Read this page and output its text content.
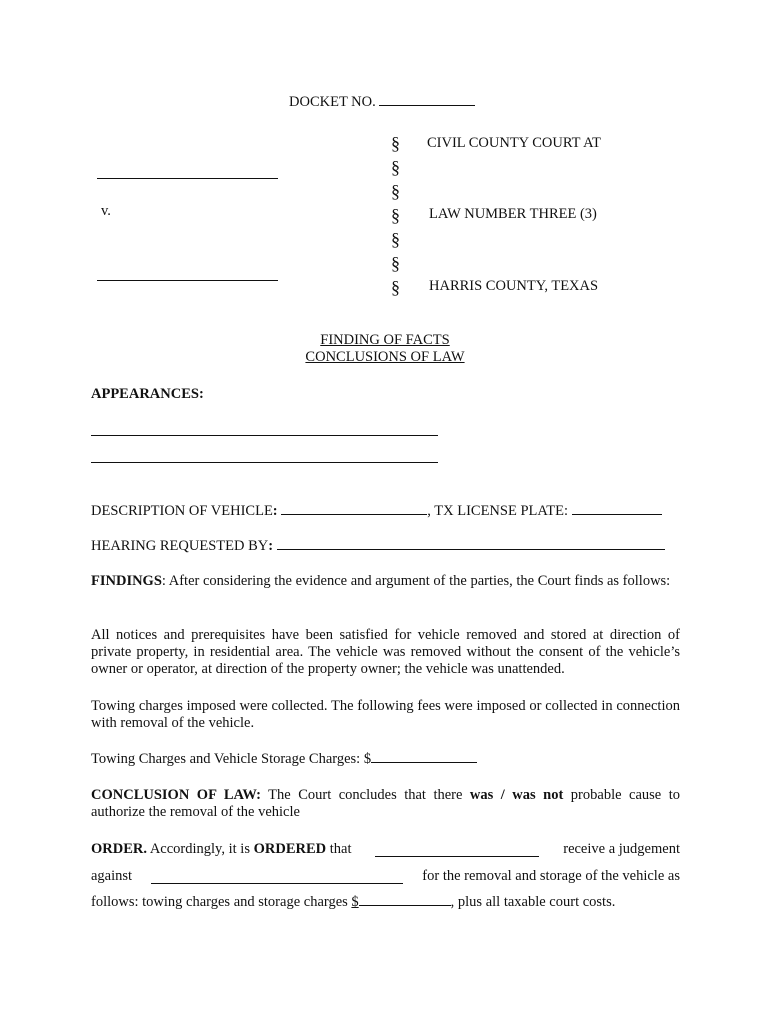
DOCKET NO.
v.
§
§
§
§
§
§
§
CIVIL COUNTY COURT AT
LAW NUMBER THREE (3)
HARRIS COUNTY, TEXAS
FINDING OF FACTS
CONCLUSIONS OF LAW
APPEARANCES:
DESCRIPTION OF VEHICLE:	, TX LICENSE PLATE:
HEARING REQUESTED BY:
FINDINGS: After considering the evidence and argument of the parties, the Court finds as follows:
All notices and prerequisites have been satisfied for vehicle removed and stored at direction of private property, in residential area. The vehicle was removed without the consent of the vehicle’s owner or operator, at direction of the property owner; the vehicle was unattended.
Towing charges imposed were collected. The following fees were imposed or collected in connection with removal of the vehicle.
Towing Charges and Vehicle Storage Charges: $
CONCLUSION OF LAW: The Court concludes that there was / was not probable cause to authorize the removal of the vehicle
ORDER. Accordingly, it is ORDERED that	receive a judgement
against	for the removal and storage of the vehicle as
follows: towing charges and storage charges $	, plus all taxable court costs.
